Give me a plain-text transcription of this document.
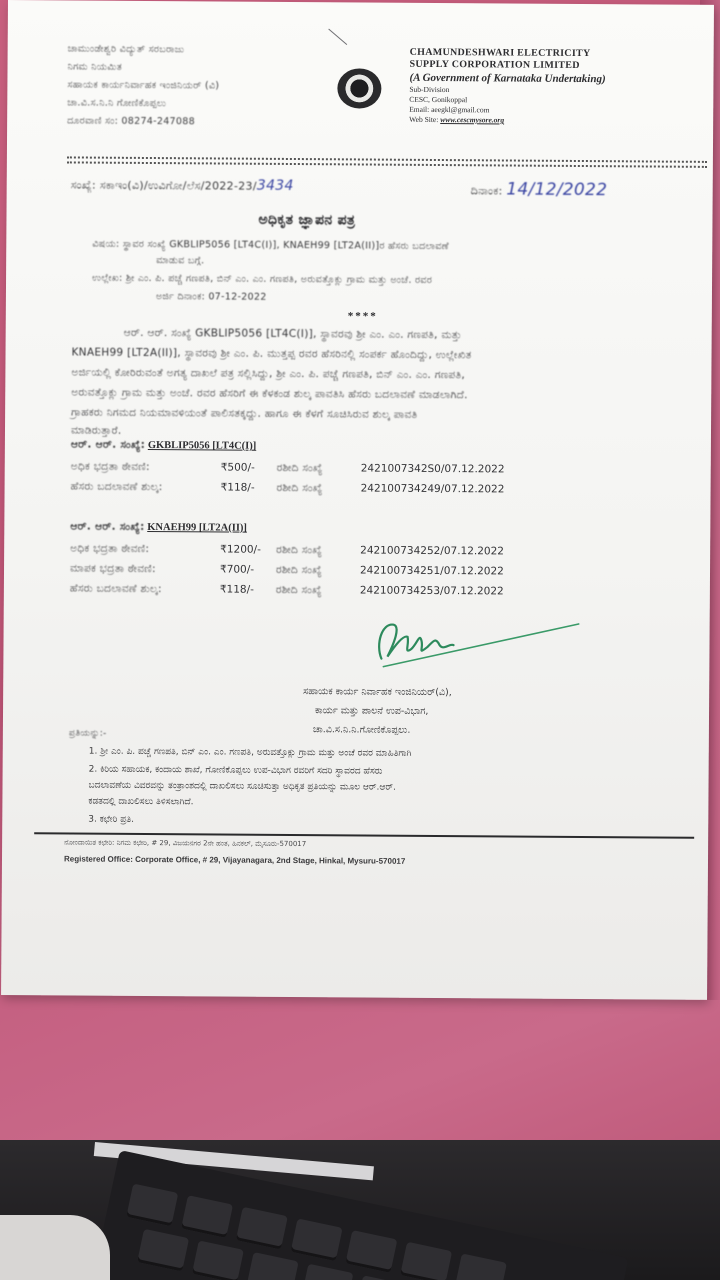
ಚಾಮುಂಡೇಶ್ವರಿ ವಿದ್ಯುತ್ ಸರಬರಾಜು
ನಿಗಮ ನಿಯಮಿತ
ಸಹಾಯಕ ಕಾರ್ಯನಿರ್ವಾಹಕ ಇಂಜಿನಿಯರ್ (ವಿ)
ಚಾ.ವಿ.ಸ.ನಿ.ನಿ ಗೋಣಿಕೊಪ್ಪಲು
ದೂರವಾಣಿ ಸಂ: 08274-247088
CHAMUNDESHWARI ELECTRICITY
SUPPLY CORPORATION LIMITED
(A Government of Karnataka Undertaking)
Sub-Division
CESC, Gonikoppal
Email: aeegkl@gmail.com
Web Site: www.cescmysore.org
ಸಂಖ್ಯೆ: ಸಕಾಇಂ(ವಿ)/ಉವಿಗೋ/ಲೆಸ/2022-23/3434	ದಿನಾಂಕ: 14/12/2022
ಅಧಿಕೃತ ಜ್ಞಾಪನ ಪತ್ರ
ವಿಷಯ: ಸ್ಥಾವರ ಸಂಖ್ಯೆ GKBLIP5056 [LT4C(I)], KNAEH99 [LT2A(II)]ರ ಹೆಸರು ಬದಲಾವಣೆ
ಮಾಡುವ ಬಗ್ಗೆ.
ಉಲ್ಲೇಖ: ಶ್ರೀ ಎಂ. ಪಿ. ಪಚ್ಚೆ ಗಣಪತಿ, ಬಿನ್ ಎಂ. ಎಂ. ಗಣಪತಿ, ಅರುವತ್ತೊಕ್ಲು ಗ್ರಾಮ ಮತ್ತು ಅಂಚೆ. ರವರ
ಅರ್ಜಿ ದಿನಾಂಕ: 07-12-2022
****
ಆರ್. ಆರ್. ಸಂಖ್ಯೆ GKBLIP5056 [LT4C(I)], ಸ್ಥಾವರವು ಶ್ರೀ ಎಂ. ಎಂ. ಗಣಪತಿ, ಮತ್ತು
KNAEH99 [LT2A(II)], ಸ್ಥಾವರವು ಶ್ರೀ ಎಂ. ಪಿ. ಮುತ್ತಪ್ಪ ರವರ ಹೆಸರಿನಲ್ಲಿ ಸಂಪರ್ಕ ಹೊಂದಿದ್ದು, ಉಲ್ಲೇಖಿತ
ಅರ್ಜಿಯಲ್ಲಿ ಕೋರಿರುವಂತೆ ಅಗತ್ಯ ದಾಖಲೆ ಪತ್ರ ಸಲ್ಲಿಸಿದ್ದು, ಶ್ರೀ ಎಂ. ಪಿ. ಪಚ್ಚೆ ಗಣಪತಿ, ಬಿನ್ ಎಂ. ಎಂ. ಗಣಪತಿ,
ಅರುವತ್ತೊಕ್ಲು ಗ್ರಾಮ ಮತ್ತು ಅಂಚೆ. ರವರ ಹೆಸರಿಗೆ ಈ ಕೆಳಕಂಡ ಶುಲ್ಕ ಪಾವತಿಸಿ ಹೆಸರು ಬದಲಾವಣೆ ಮಾಡಲಾಗಿದೆ.
ಗ್ರಾಹಕರು ನಿಗಮದ ನಿಯಮಾವಳಿಯಂತೆ ಪಾಲಿಸತಕ್ಕದ್ದು. ಹಾಗೂ ಈ ಕೆಳಗೆ ಸೂಚಿಸಿರುವ ಶುಲ್ಕ ಪಾವತಿ
ಮಾಡಿರುತ್ತಾರೆ.
ಆರ್. ಆರ್. ಸಂಖ್ಯೆ: GKBLIP5056 [LT4C(I)]
ಅಧಿಕ ಭದ್ರತಾ ಠೇವಣಿ:	₹500/- ರಶೀದಿ ಸಂಖ್ಯೆ	2421007342S0/07.12.2022
ಹೆಸರು ಬದಲಾವಣೆ ಶುಲ್ಕ:	₹118/- ರಶೀದಿ ಸಂಖ್ಯೆ	242100734249/07.12.2022
ಆರ್. ಆರ್. ಸಂಖ್ಯೆ: KNAEH99 [LT2A(II)]
ಅಧಿಕ ಭದ್ರತಾ ಠೇವಣಿ:	₹1200/- ರಶೀದಿ ಸಂಖ್ಯೆ	242100734252/07.12.2022
ಮಾಪಕ ಭದ್ರತಾ ಠೇವಣಿ:	₹700/- ರಶೀದಿ ಸಂಖ್ಯೆ	242100734251/07.12.2022
ಹೆಸರು ಬದಲಾವಣೆ ಶುಲ್ಕ:	₹118/- ರಶೀದಿ ಸಂಖ್ಯೆ	242100734253/07.12.2022
ಸಹಾಯಕ ಕಾರ್ಯ ನಿರ್ವಾಹಕ ಇಂಜಿನಿಯರ್(ವಿ),
ಕಾರ್ಯ ಮತ್ತು ಪಾಲನೆ ಉಪ-ವಿಭಾಗ,
ಚಾ.ವಿ.ಸ.ನಿ.ನಿ.ಗೋಣಿಕೊಪ್ಪಲು.
ಪ್ರತಿಯನ್ನು:-
1. ಶ್ರೀ ಎಂ. ಪಿ. ಪಚ್ಚೆ ಗಣಪತಿ, ಬಿನ್ ಎಂ. ಎಂ. ಗಣಪತಿ, ಅರುವತ್ತೊಕ್ಲು ಗ್ರಾಮ ಮತ್ತು ಅಂಚೆ ರವರ ಮಾಹಿತಿಗಾಗಿ
2. ಕಿರಿಯ ಸಹಾಯಕ, ಕಂದಾಯ ಶಾಖೆ, ಗೋಣಿಕೊಪ್ಪಲು ಉಪ-ವಿಭಾಗ ರವರಿಗೆ ಸದರಿ ಸ್ಥಾವರದ ಹೆಸರು
ಬದಲಾವಣೆಯ ವಿವರವನ್ನು ತಂತ್ರಾಂಶದಲ್ಲಿ ದಾಖಲಿಸಲು ಸೂಚಿಸುತ್ತಾ ಅಧಿಕೃತ ಪ್ರತಿಯನ್ನು ಮೂಲ ಆರ್.ಆರ್.
ಕಡತದಲ್ಲಿ ದಾಖಲಿಸಲು ತಿಳಿಸಲಾಗಿದೆ.
3. ಕಛೇರಿ ಪ್ರತಿ.
ನೋಂದಾಯಿತ ಕಛೇರಿ: ನಿಗಮ ಕಛೇರಿ, # 29, ವಿಜಯನಗರ 2ನೇ ಹಂತ, ಹಿನಕಲ್, ಮೈಸೂರು-570017
Registered Office: Corporate Office, # 29, Vijayanagara, 2nd Stage, Hinkal, Mysuru-570017
